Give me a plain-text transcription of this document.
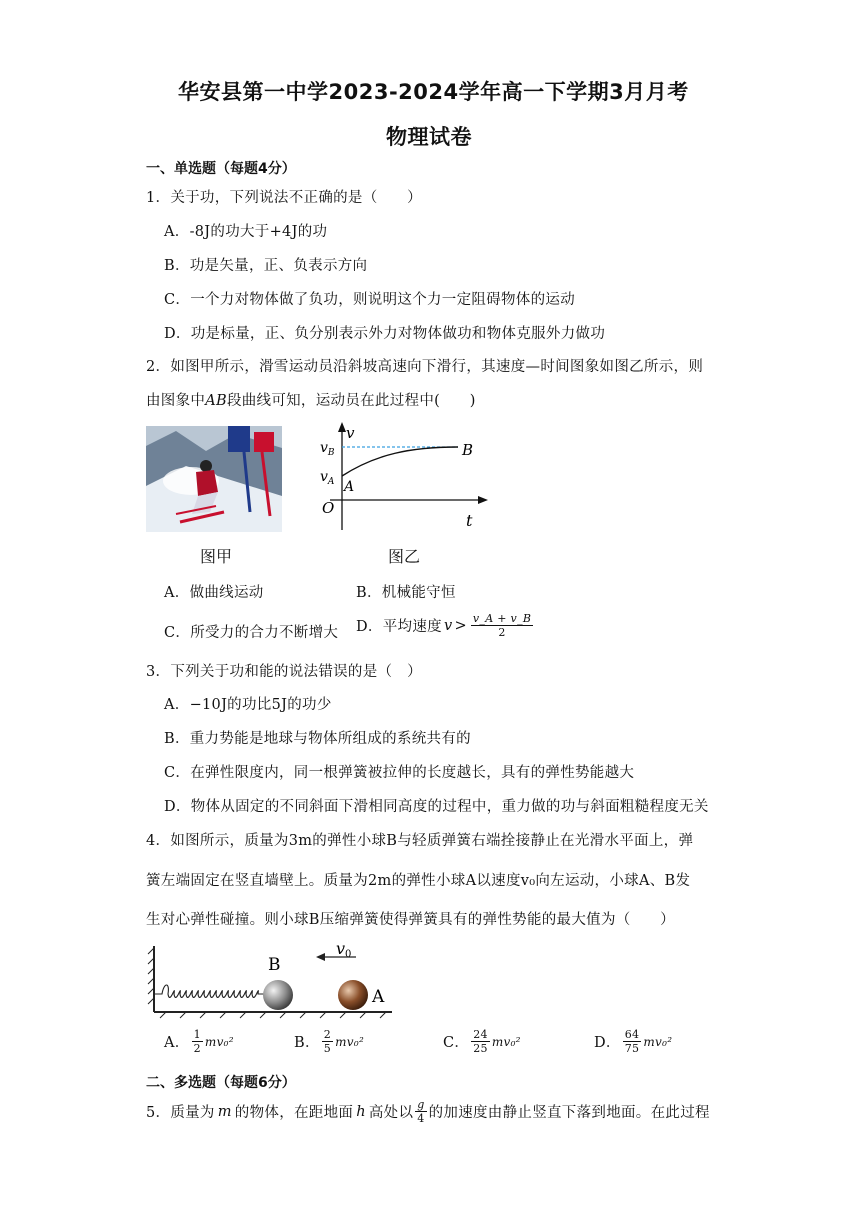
华安县第一中学2023-2024学年高一下学期3月月考
物理试卷
一、单选题（每题4分）
1．关于功，下列说法不正确的是（　　）
A．-8J的功大于+4J的功
B．功是矢量，正、负表示方向
C．一个力对物体做了负功，则说明这个力一定阻碍物体的运动
D．功是标量，正、负分别表示外力对物体做功和物体克服外力做功
2．如图甲所示，滑雪运动员沿斜坡高速向下滑行，其速度—时间图象如图乙所示，则
由图象中AB段曲线可知，运动员在此过程中(　　)
图甲
v
$v_B$
$v_A$ A
B
O
t
图乙
A．做曲线运动	B．机械能守恒
C．所受力的合力不断增大 D．平均速度 $v > \frac{v\_A + v\_B}{2}$
3．下列关于功和能的说法错误的是（　）
A．−10J的功比5J的功少
B．重力势能是地球与物体所组成的系统共有的
C．在弹性限度内，同一根弹簧被拉伸的长度越长，具有的弹性势能越大
D．物体从固定的不同斜面下滑相同高度的过程中，重力做的功与斜面粗糙程度无关
4．如图所示，质量为3m的弹性小球B与轻质弹簧右端拴接静止在光滑水平面上，弹
簧左端固定在竖直墙壁上。质量为2m的弹性小球A以速度v₀向左运动，小球A、B发
生对心弹性碰撞。则小球B压缩弹簧使得弹簧具有的弹性势能的最大值为（　　）
B
A
v0
A． $\frac{1}{2} mv_0^2$	B． $\frac{2}{5} mv_0^2$	C． $\frac{24}{25} mv_0^2$	D． $\frac{64}{75} mv_0^2$
二、多选题（每题6分）
5．质量为 m 的物体，在距地面 h 高处以 $\frac{g}{4}$ 的加速度由静止竖直下落到地面。在此过程
